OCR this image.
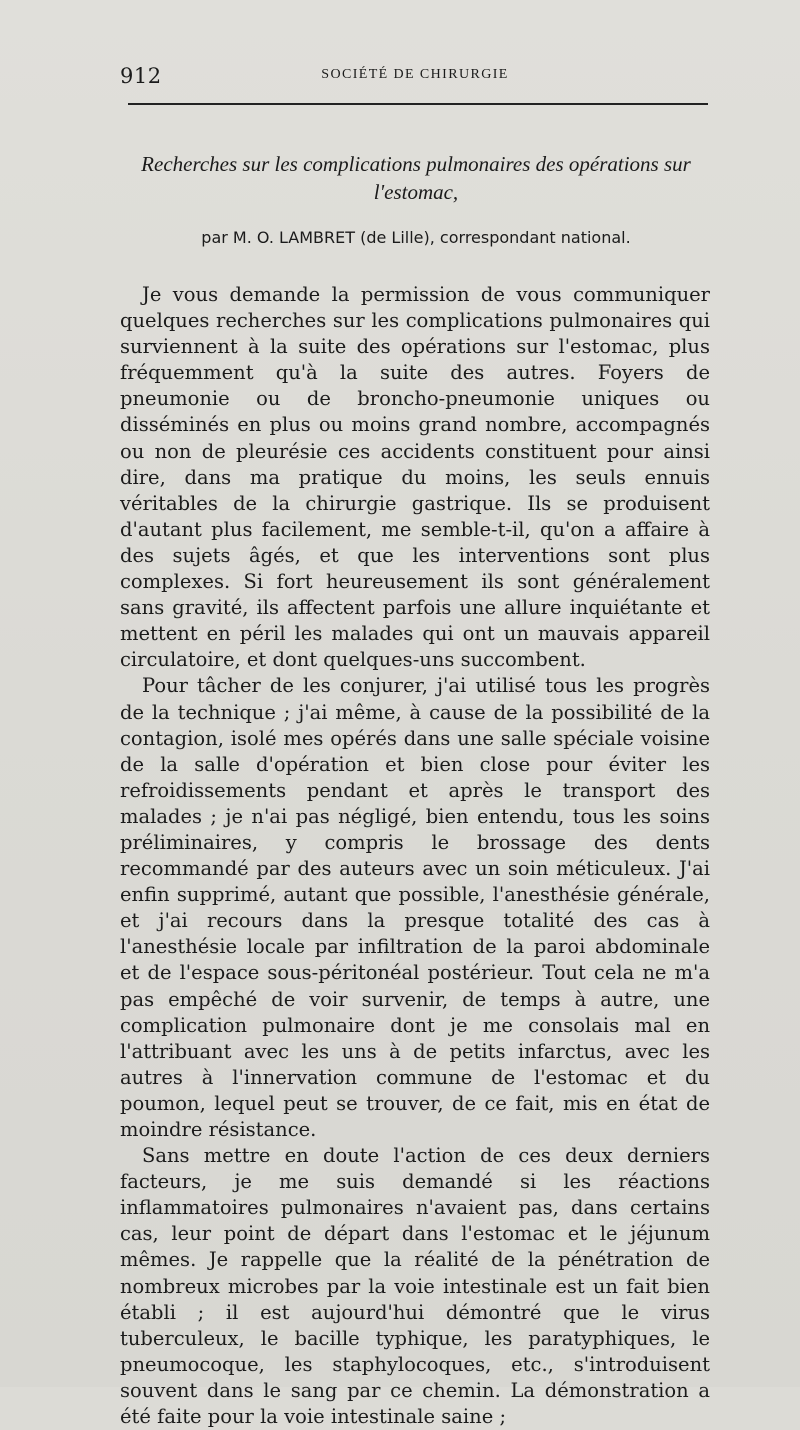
912	SOCIÉTÉ DE CHIRURGIE
Recherches sur les complications pulmonaires des opérations sur l'estomac,
par M. O. LAMBRET (de Lille), correspondant national.

Je vous demande la permission de vous communiquer quelques recherches sur les complications pulmonaires qui surviennent à la suite des opérations sur l'estomac, plus fréquemment qu'à la suite des autres. Foyers de pneumonie ou de broncho-pneumonie uniques ou disséminés en plus ou moins grand nombre, accompagnés ou non de pleurésie ces accidents constituent pour ainsi dire, dans ma pratique du moins, les seuls ennuis véritables de la chirurgie gastrique. Ils se produisent d'autant plus facilement, me semble-t-il, qu'on a affaire à des sujets âgés, et que les interventions sont plus complexes. Si fort heureusement ils sont généralement sans gravité, ils affectent parfois une allure inquiétante et mettent en péril les malades qui ont un mauvais appareil circulatoire, et dont quelques-uns succombent.

Pour tâcher de les conjurer, j'ai utilisé tous les progrès de la technique ; j'ai même, à cause de la possibilité de la contagion, isolé mes opérés dans une salle spéciale voisine de la salle d'opération et bien close pour éviter les refroidissements pendant et après le transport des malades ; je n'ai pas négligé, bien entendu, tous les soins préliminaires, y compris le brossage des dents recommandé par des auteurs avec un soin méticuleux. J'ai enfin supprimé, autant que possible, l'anesthésie générale, et j'ai recours dans la presque totalité des cas à l'anesthésie locale par infiltration de la paroi abdominale et de l'espace sous-péritonéal postérieur. Tout cela ne m'a pas empêché de voir survenir, de temps à autre, une complication pulmonaire dont je me consolais mal en l'attribuant avec les uns à de petits infarctus, avec les autres à l'innervation commune de l'estomac et du poumon, lequel peut se trouver, de ce fait, mis en état de moindre résistance.

Sans mettre en doute l'action de ces deux derniers facteurs, je me suis demandé si les réactions inflammatoires pulmonaires n'avaient pas, dans certains cas, leur point de départ dans l'estomac et le jéjunum mêmes. Je rappelle que la réalité de la pénétration de nombreux microbes par la voie intestinale est un fait bien établi ; il est aujourd'hui démontré que le virus tuberculeux, le bacille typhique, les paratyphiques, le pneumocoque, les staphylocoques, etc., s'introduisent souvent dans le sang par ce chemin. La démonstration a été faite pour la voie intestinale saine ;
